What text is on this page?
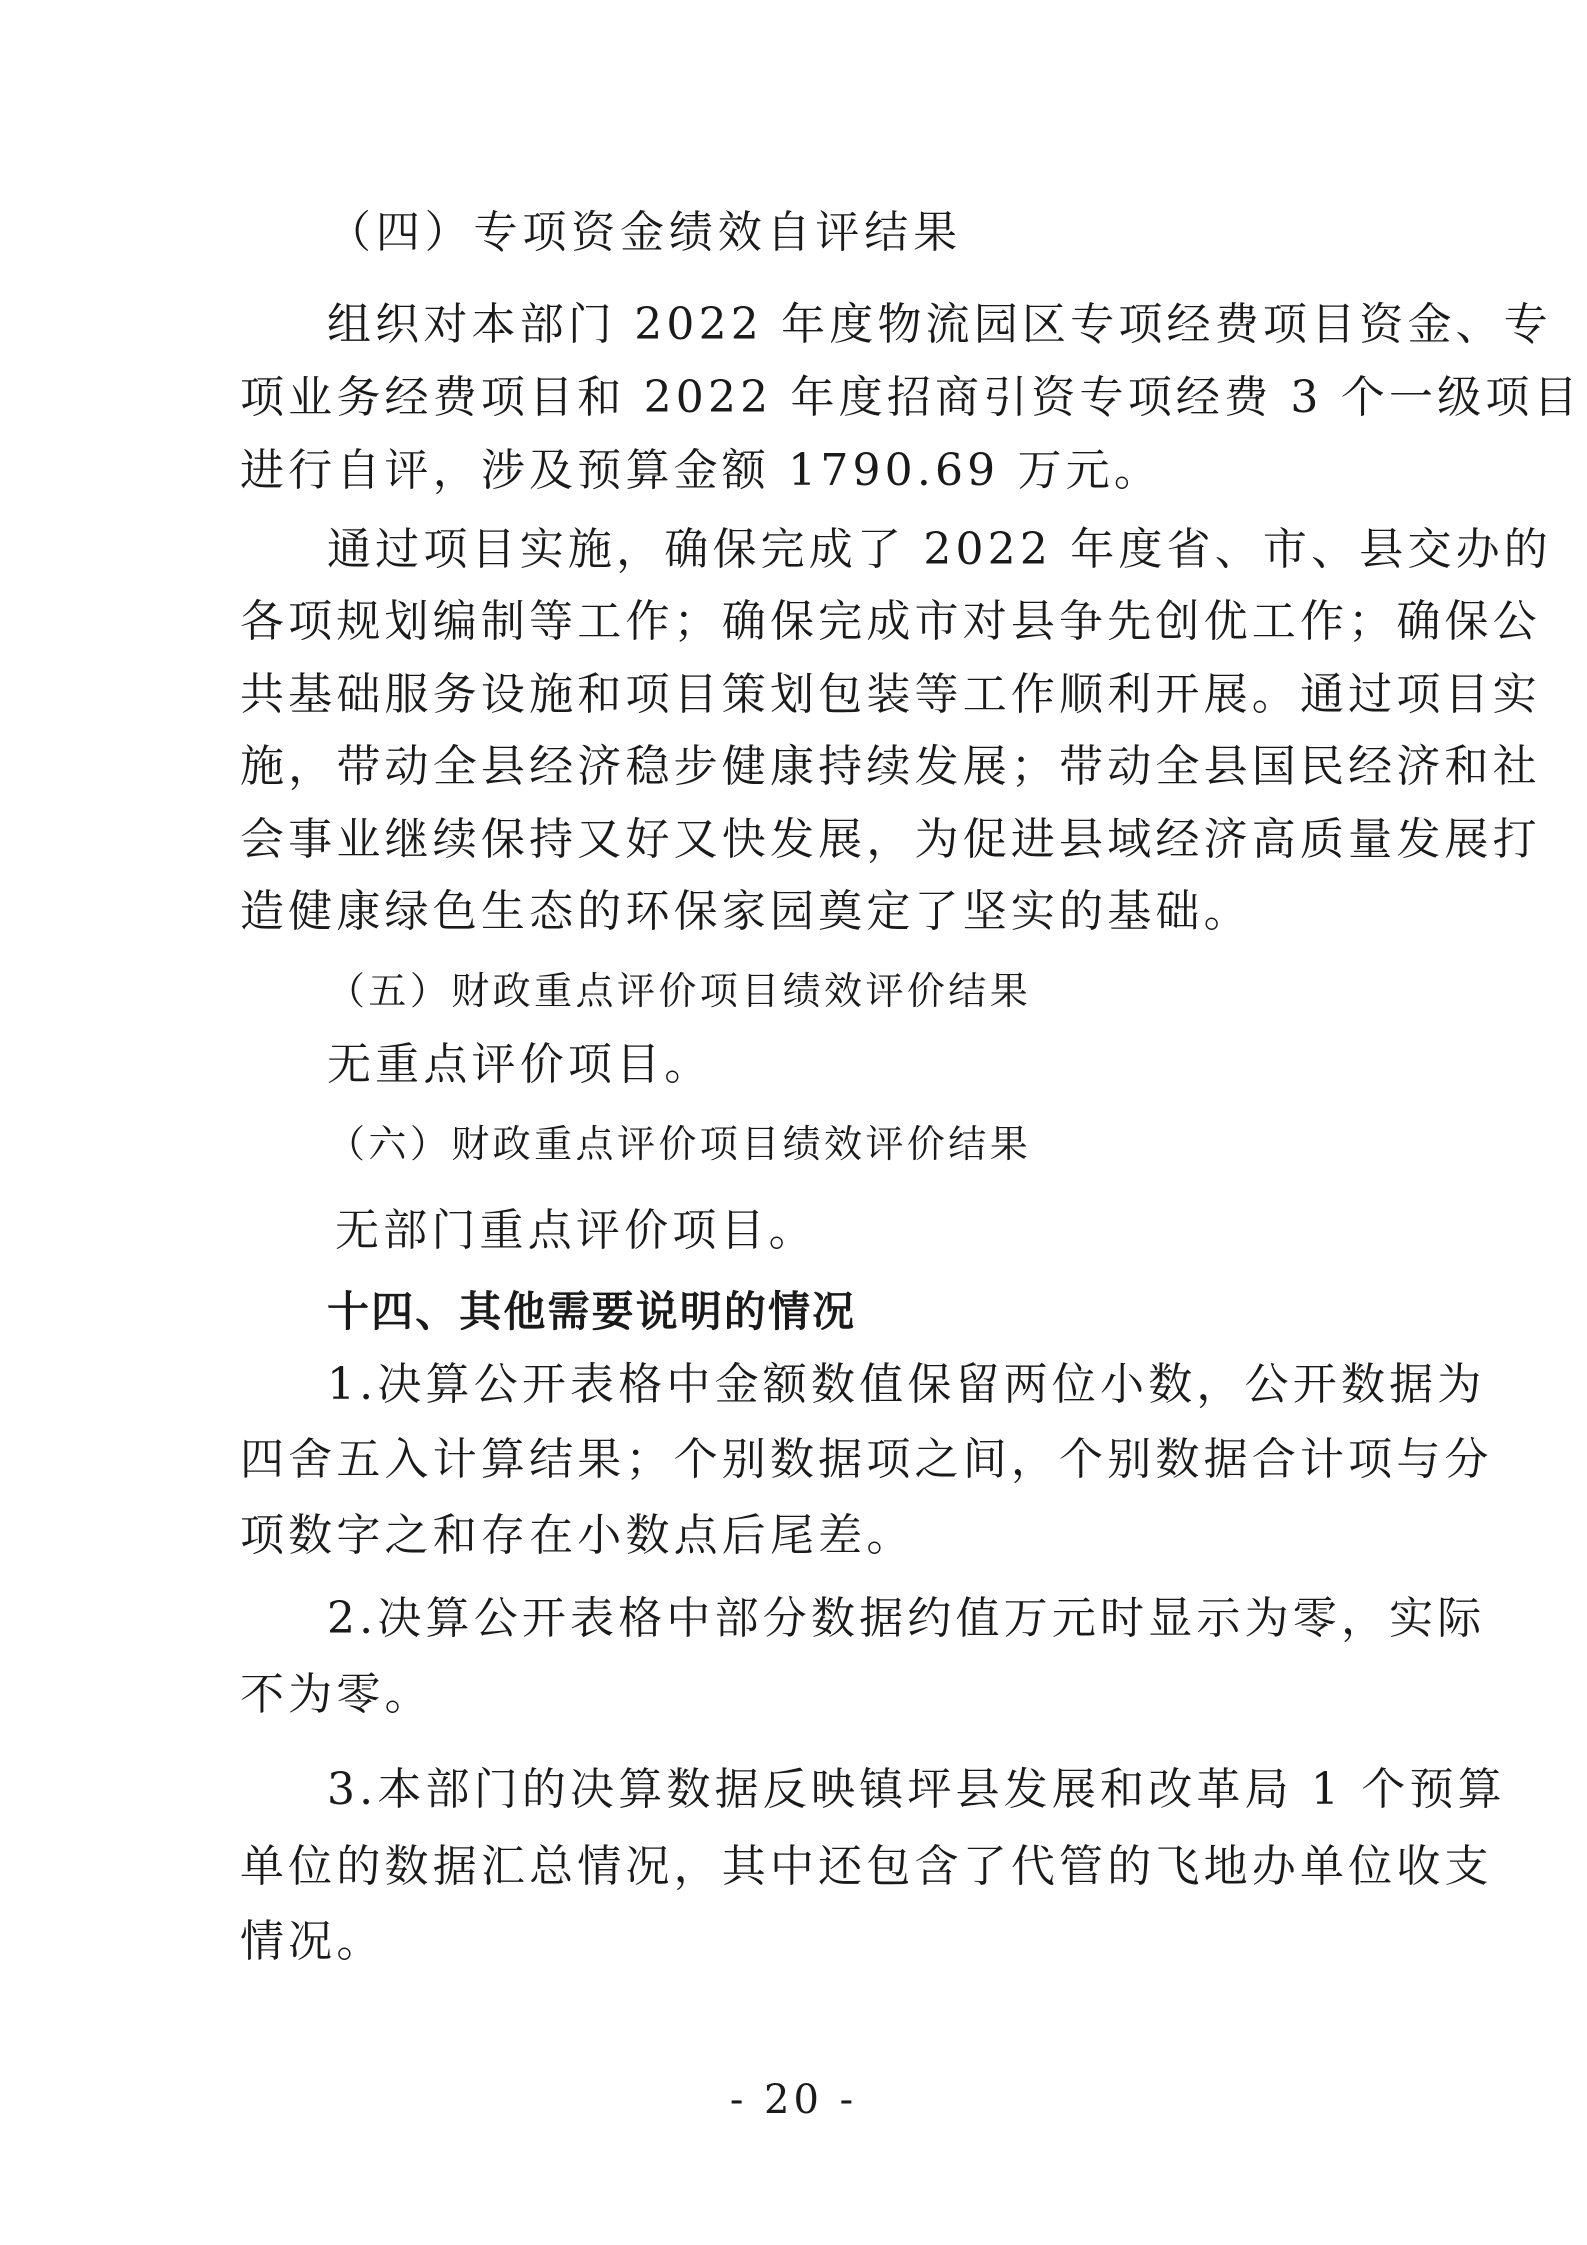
（四）专项资金绩效自评结果
组织对本部门 2022 年度物流园区专项经费项目资金、专
项业务经费项目和 2022 年度招商引资专项经费 3 个一级项目
进行自评，涉及预算金额 1790.69 万元。
通过项目实施，确保完成了 2022 年度省、市、县交办的
各项规划编制等工作；确保完成市对县争先创优工作；确保公
共基础服务设施和项目策划包装等工作顺利开展。通过项目实
施，带动全县经济稳步健康持续发展；带动全县国民经济和社
会事业继续保持又好又快发展，为促进县域经济高质量发展打
造健康绿色生态的环保家园奠定了坚实的基础。
（五）财政重点评价项目绩效评价结果
无重点评价项目。
（六）财政重点评价项目绩效评价结果
无部门重点评价项目。
十四、其他需要说明的情况
1.决算公开表格中金额数值保留两位小数，公开数据为
四舍五入计算结果；个别数据项之间，个别数据合计项与分
项数字之和存在小数点后尾差。
2.决算公开表格中部分数据约值万元时显示为零，实际
不为零。
3.本部门的决算数据反映镇坪县发展和改革局 1 个预算
单位的数据汇总情况，其中还包含了代管的飞地办单位收支
情况。
- 20 -
